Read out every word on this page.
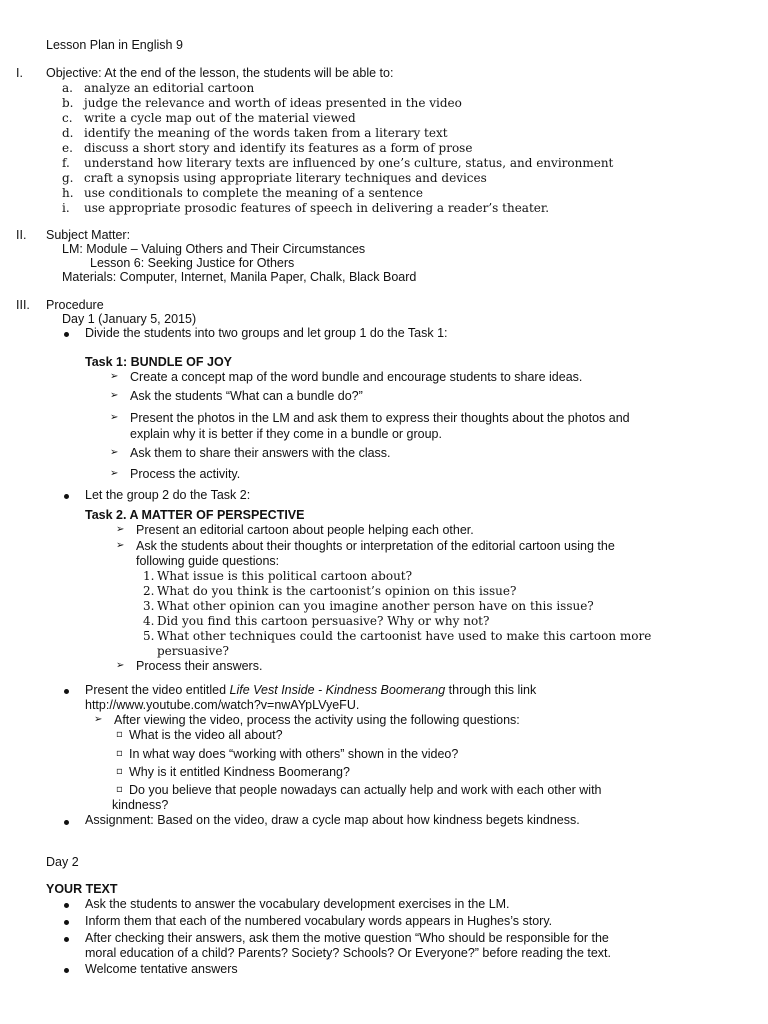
Lesson Plan in English 9
I. Objective: At the end of the lesson, the students will be able to:
a. analyze an editorial cartoon
b. judge the relevance and worth of ideas presented in the video
c. write a cycle map out of the material viewed
d. identify the meaning of the words taken from a literary text
e. discuss a short story and identify its features as a form of prose
f. understand how literary texts are influenced by one’s culture, status, and environment
g. craft a synopsis using appropriate literary techniques and devices
h. use conditionals to complete the meaning of a sentence
i. use appropriate prosodic features of speech in delivering a reader’s theater.
II. Subject Matter:
LM: Module – Valuing Others and Their Circumstances
Lesson 6: Seeking Justice for Others
Materials: Computer, Internet, Manila Paper, Chalk, Black Board
III. Procedure
Day 1 (January 5, 2015)
Divide the students into two groups and let group 1 do the Task 1:
Task 1: BUNDLE OF JOY
➢ Create a concept map of the word bundle and encourage students to share ideas.
➢ Ask the students “What can a bundle do?”
➢ Present the photos in the LM and ask them to express their thoughts about the photos and
explain why it is better if they come in a bundle or group.
➢ Ask them to share their answers with the class.
➢ Process the activity.
Let the group 2 do the Task 2:
Task 2. A MATTER OF PERSPECTIVE
➢ Present an editorial cartoon about people helping each other.
➢ Ask the students about their thoughts or interpretation of the editorial cartoon using the
following guide questions:
1. What issue is this political cartoon about?
2. What do you think is the cartoonist’s opinion on this issue?
3. What other opinion can you imagine another person have on this issue?
4. Did you find this cartoon persuasive? Why or why not?
5. What other techniques could the cartoonist have used to make this cartoon more
persuasive?
➢ Process their answers.
Present the video entitled Life Vest Inside - Kindness Boomerang through this link
http://www.youtube.com/watch?v=nwAYpLVyeFU.
➢ After viewing the video, process the activity using the following questions:
▫ What is the video all about?
▫ In what way does “working with others” shown in the video?
▫ Why is it entitled Kindness Boomerang?
▫ Do you believe that people nowadays can actually help and work with each other with
kindness?
Assignment: Based on the video, draw a cycle map about how kindness begets kindness.
Day 2
YOUR TEXT
Ask the students to answer the vocabulary development exercises in the LM.
Inform them that each of the numbered vocabulary words appears in Hughes’s story.
After checking their answers, ask them the motive question “Who should be responsible for the
moral education of a child? Parents? Society? Schools? Or Everyone?” before reading the text.
Welcome tentative answers
